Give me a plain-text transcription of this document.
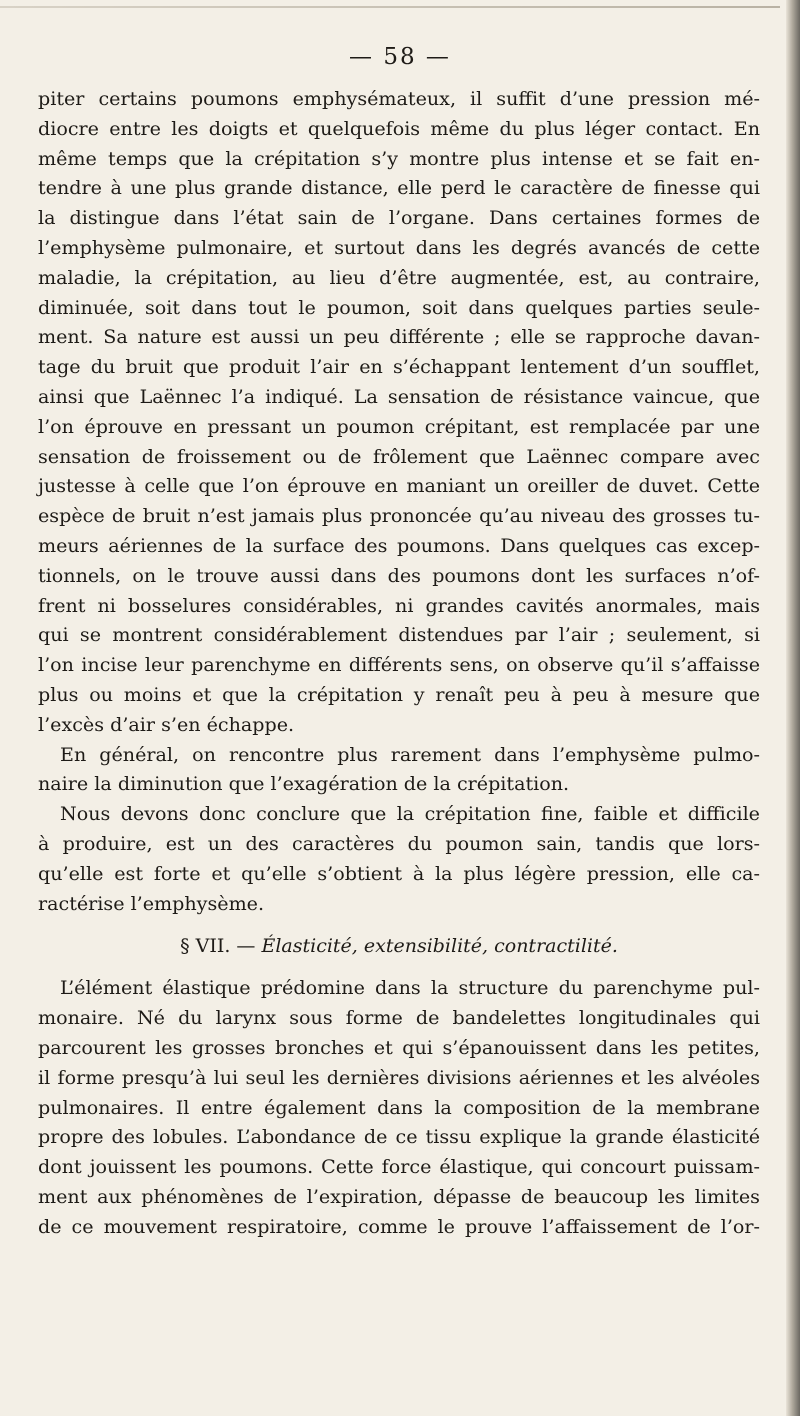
— 58 —
piter certains poumons emphysémateux, il suffit d’une pression mé-
diocre entre les doigts et quelquefois même du plus léger contact. En
même temps que la crépitation s’y montre plus intense et se fait en-
tendre à une plus grande distance, elle perd le caractère de finesse qui
la distingue dans l’état sain de l’organe. Dans certaines formes de
l’emphysème pulmonaire, et surtout dans les degrés avancés de cette
maladie, la crépitation, au lieu d’être augmentée, est, au contraire,
diminuée, soit dans tout le poumon, soit dans quelques parties seule-
ment. Sa nature est aussi un peu différente ; elle se rapproche davan-
tage du bruit que produit l’air en s’échappant lentement d’un soufflet,
ainsi que Laënnec l’a indiqué. La sensation de résistance vaincue, que
l’on éprouve en pressant un poumon crépitant, est remplacée par une
sensation de froissement ou de frôlement que Laënnec compare avec
justesse à celle que l’on éprouve en maniant un oreiller de duvet. Cette
espèce de bruit n’est jamais plus prononcée qu’au niveau des grosses tu-
meurs aériennes de la surface des poumons. Dans quelques cas excep-
tionnels, on le trouve aussi dans des poumons dont les surfaces n’of-
frent ni bosselures considérables, ni grandes cavités anormales, mais
qui se montrent considérablement distendues par l’air ; seulement, si
l’on incise leur parenchyme en différents sens, on observe qu’il s’affaisse
plus ou moins et que la crépitation y renaît peu à peu à mesure que
l’excès d’air s’en échappe.
En général, on rencontre plus rarement dans l’emphysème pulmo-
naire la diminution que l’exagération de la crépitation.
Nous devons donc conclure que la crépitation fine, faible et difficile
à produire, est un des caractères du poumon sain, tandis que lors-
qu’elle est forte et qu’elle s’obtient à la plus légère pression, elle ca-
ractérise l’emphysème.
§ VII. — Élasticité, extensibilité, contractilité.
L’élément élastique prédomine dans la structure du parenchyme pul-
monaire. Né du larynx sous forme de bandelettes longitudinales qui
parcourent les grosses bronches et qui s’épanouissent dans les petites,
il forme presqu’à lui seul les dernières divisions aériennes et les alvéoles
pulmonaires. Il entre également dans la composition de la membrane
propre des lobules. L’abondance de ce tissu explique la grande élasticité
dont jouissent les poumons. Cette force élastique, qui concourt puissam-
ment aux phénomènes de l’expiration, dépasse de beaucoup les limites
de ce mouvement respiratoire, comme le prouve l’affaissement de l’or-
